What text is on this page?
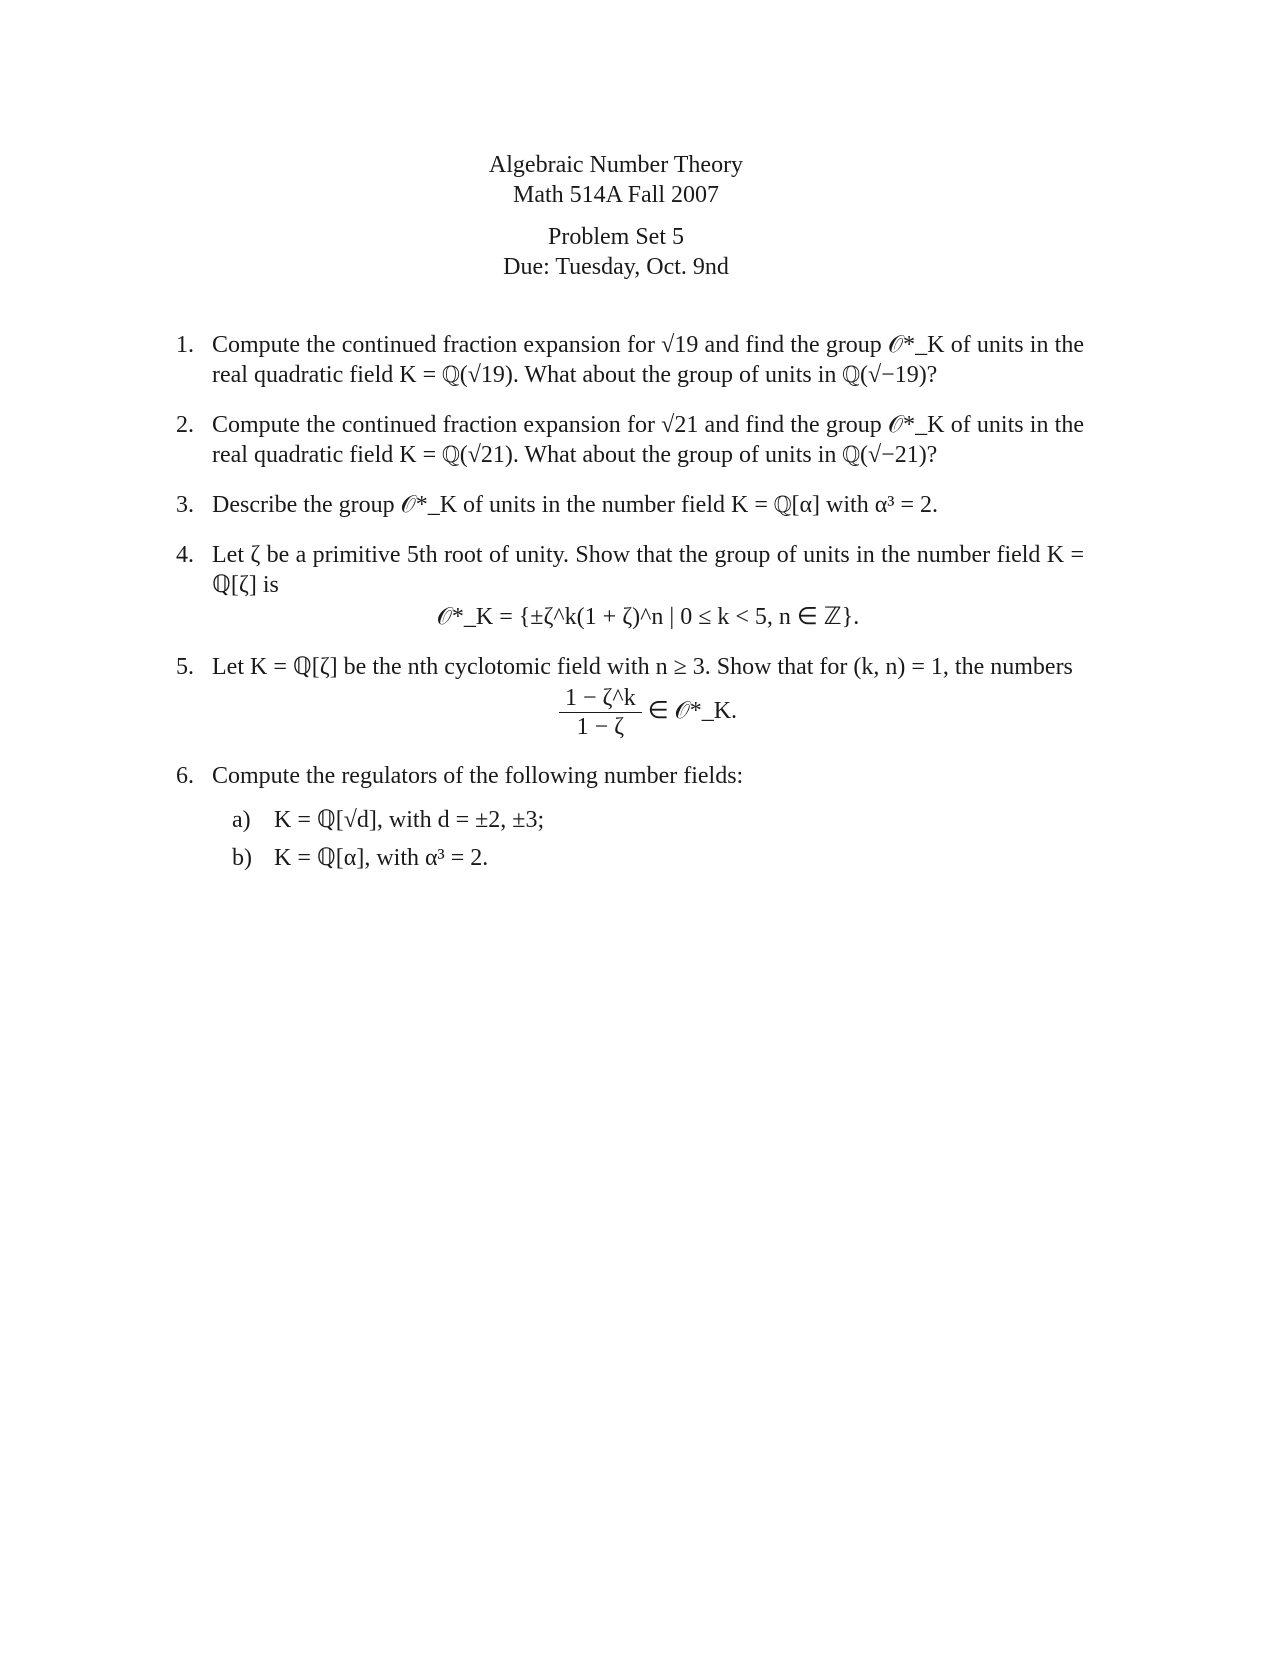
Algebraic Number Theory
Math 514A Fall 2007
Problem Set 5
Due: Tuesday, Oct. 9nd
1. Compute the continued fraction expansion for √19 and find the group 𝒪*_K of units in the real quadratic field K = ℚ(√19). What about the group of units in ℚ(√−19)?
2. Compute the continued fraction expansion for √21 and find the group 𝒪*_K of units in the real quadratic field K = ℚ(√21). What about the group of units in ℚ(√−21)?
3. Describe the group 𝒪*_K of units in the number field K = ℚ[α] with α³ = 2.
4. Let ζ be a primitive 5th root of unity. Show that the group of units in the number field K = ℚ[ζ] is
𝒪*_K = {±ζ^k(1 + ζ)^n | 0 ≤ k < 5, n ∈ ℤ}.
5. Let K = ℚ[ζ] be the nth cyclotomic field with n ≥ 3. Show that for (k, n) = 1, the numbers
$\frac{1 - \zeta\^{}k}{1 - \zeta}$ ∈ 𝒪*_K.
6. Compute the regulators of the following number fields:
a) K = ℚ[√d], with d = ±2, ±3;
b) K = ℚ[α], with α³ = 2.
